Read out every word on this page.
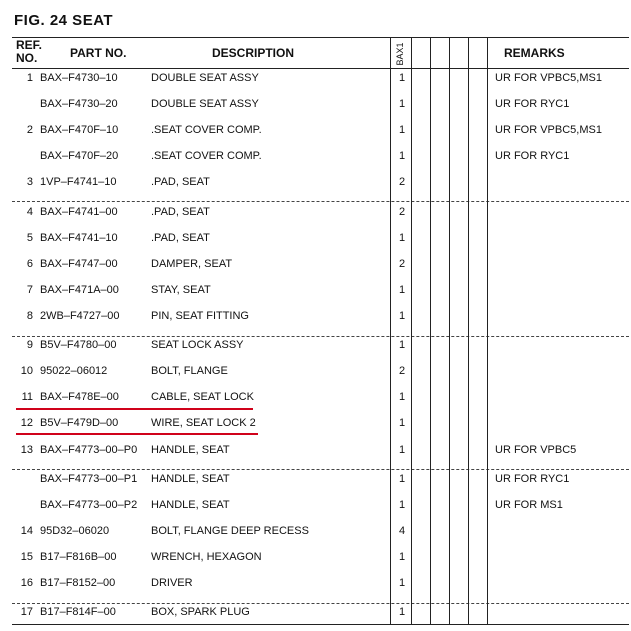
FIG. 24 SEAT
REF.
NO.	PART NO.	DESCRIPTION	BAX1	REMARKS
1 BAX–F4730–10	DOUBLE SEAT ASSY	1	UR FOR VPBC5,MS1
BAX–F4730–20	DOUBLE SEAT ASSY	1	UR FOR RYC1
2 BAX–F470F–10	.SEAT COVER COMP.	1	UR FOR VPBC5,MS1
BAX–F470F–20	.SEAT COVER COMP.	1	UR FOR RYC1
3 1VP–F4741–10	.PAD, SEAT	2
4 BAX–F4741–00	.PAD, SEAT	2
5 BAX–F4741–10	.PAD, SEAT	1
6 BAX–F4747–00	DAMPER, SEAT	2
7 BAX–F471A–00	STAY, SEAT	1
8 2WB–F4727–00	PIN, SEAT FITTING	1
9 B5V–F4780–00	SEAT LOCK ASSY	1
10 95022–06012	BOLT, FLANGE	2
11 BAX–F478E–00	CABLE, SEAT LOCK	1
12 B5V–F479D–00	WIRE, SEAT LOCK 2	1
13 BAX–F4773–00–P0 HANDLE, SEAT	1	UR FOR VPBC5
BAX–F4773–00–P1 HANDLE, SEAT	1	UR FOR RYC1
BAX–F4773–00–P2 HANDLE, SEAT	1	UR FOR MS1
14 95D32–06020	BOLT, FLANGE DEEP RECESS	4
15 B17–F816B–00	WRENCH, HEXAGON	1
16 B17–F8152–00	DRIVER	1
17 B17–F814F–00	BOX, SPARK PLUG	1
